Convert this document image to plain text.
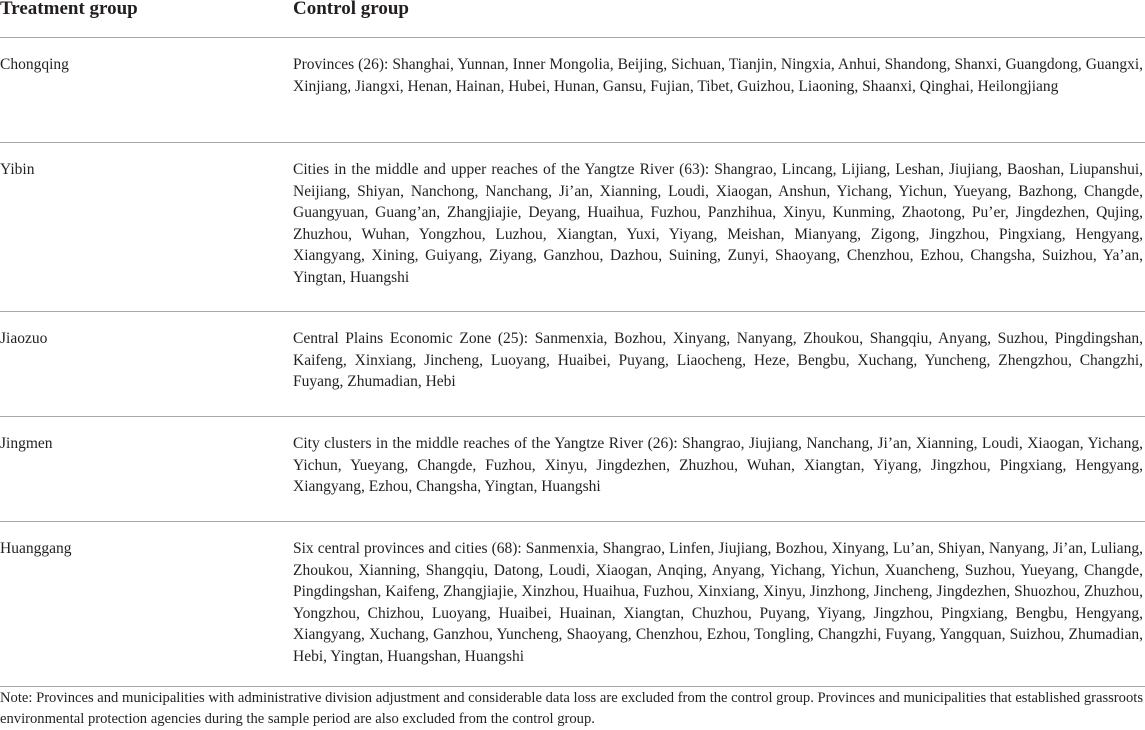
Treatment group	Control group
Chongqing	Provinces (26): Shanghai, Yunnan, Inner Mongolia, Beijing, Sichuan, Tianjin, Ningxia, Anhui, Shandong, Shanxi, Guangdong, Guangxi, Xinjiang, Jiangxi, Henan, Hainan, Hubei, Hunan, Gansu, Fujian, Tibet, Guizhou, Liaoning, Shaanxi, Qinghai, Heilongjiang
Yibin	Cities in the middle and upper reaches of the Yangtze River (63): Shangrao, Lincang, Lijiang, Leshan, Jiujiang, Baoshan, Liupanshui, Neijiang, Shiyan, Nanchong, Nanchang, Ji’an, Xianning, Loudi, Xiaogan, Anshun, Yichang, Yichun, Yueyang, Bazhong, Changde, Guangyuan, Guang’an, Zhangjiajie, Deyang, Huaihua, Fuzhou, Panzhihua, Xinyu, Kunming, Zhaotong, Pu’er, Jingdezhen, Qujing, Zhuzhou, Wuhan, Yongzhou, Luzhou, Xiangtan, Yuxi, Yiyang, Meishan, Mianyang, Zigong, Jingzhou, Pingxiang, Hengyang, Xiangyang, Xining, Guiyang, Ziyang, Ganzhou, Dazhou, Suining, Zunyi, Shaoyang, Chenzhou, Ezhou, Changsha, Suizhou, Ya’an, Yingtan, Huangshi
Jiaozuo	Central Plains Economic Zone (25): Sanmenxia, Bozhou, Xinyang, Nanyang, Zhoukou, Shangqiu, Anyang, Suzhou, Pingdingshan, Kaifeng, Xinxiang, Jincheng, Luoyang, Huaibei, Puyang, Liaocheng, Heze, Bengbu, Xuchang, Yuncheng, Zhengzhou, Changzhi, Fuyang, Zhumadian, Hebi
Jingmen	City clusters in the middle reaches of the Yangtze River (26): Shangrao, Jiujiang, Nanchang, Ji’an, Xianning, Loudi, Xiaogan, Yichang, Yichun, Yueyang, Changde, Fuzhou, Xinyu, Jingdezhen, Zhuzhou, Wuhan, Xiangtan, Yiyang, Jingzhou, Pingxiang, Hengyang, Xiangyang, Ezhou, Changsha, Yingtan, Huangshi
Huanggang	Six central provinces and cities (68): Sanmenxia, Shangrao, Linfen, Jiujiang, Bozhou, Xinyang, Lu’an, Shiyan, Nanyang, Ji’an, Luliang, Zhoukou, Xianning, Shangqiu, Datong, Loudi, Xiaogan, Anqing, Anyang, Yichang, Yichun, Xuancheng, Suzhou, Yueyang, Changde, Pingdingshan, Kaifeng, Zhangjiajie, Xinzhou, Huaihua, Fuzhou, Xinxiang, Xinyu, Jinzhong, Jincheng, Jingdezhen, Shuozhou, Zhuzhou, Yongzhou, Chizhou, Luoyang, Huaibei, Huainan, Xiangtan, Chuzhou, Puyang, Yiyang, Jingzhou, Pingxiang, Bengbu, Hengyang, Xiangyang, Xuchang, Ganzhou, Yuncheng, Shaoyang, Chenzhou, Ezhou, Tongling, Changzhi, Fuyang, Yangquan, Suizhou, Zhumadian, Hebi, Yingtan, Huangshan, Huangshi
Note: Provinces and municipalities with administrative division adjustment and considerable data loss are excluded from the control group. Provinces and municipalities that established grassroots environmental protection agencies during the sample period are also excluded from the control group.
